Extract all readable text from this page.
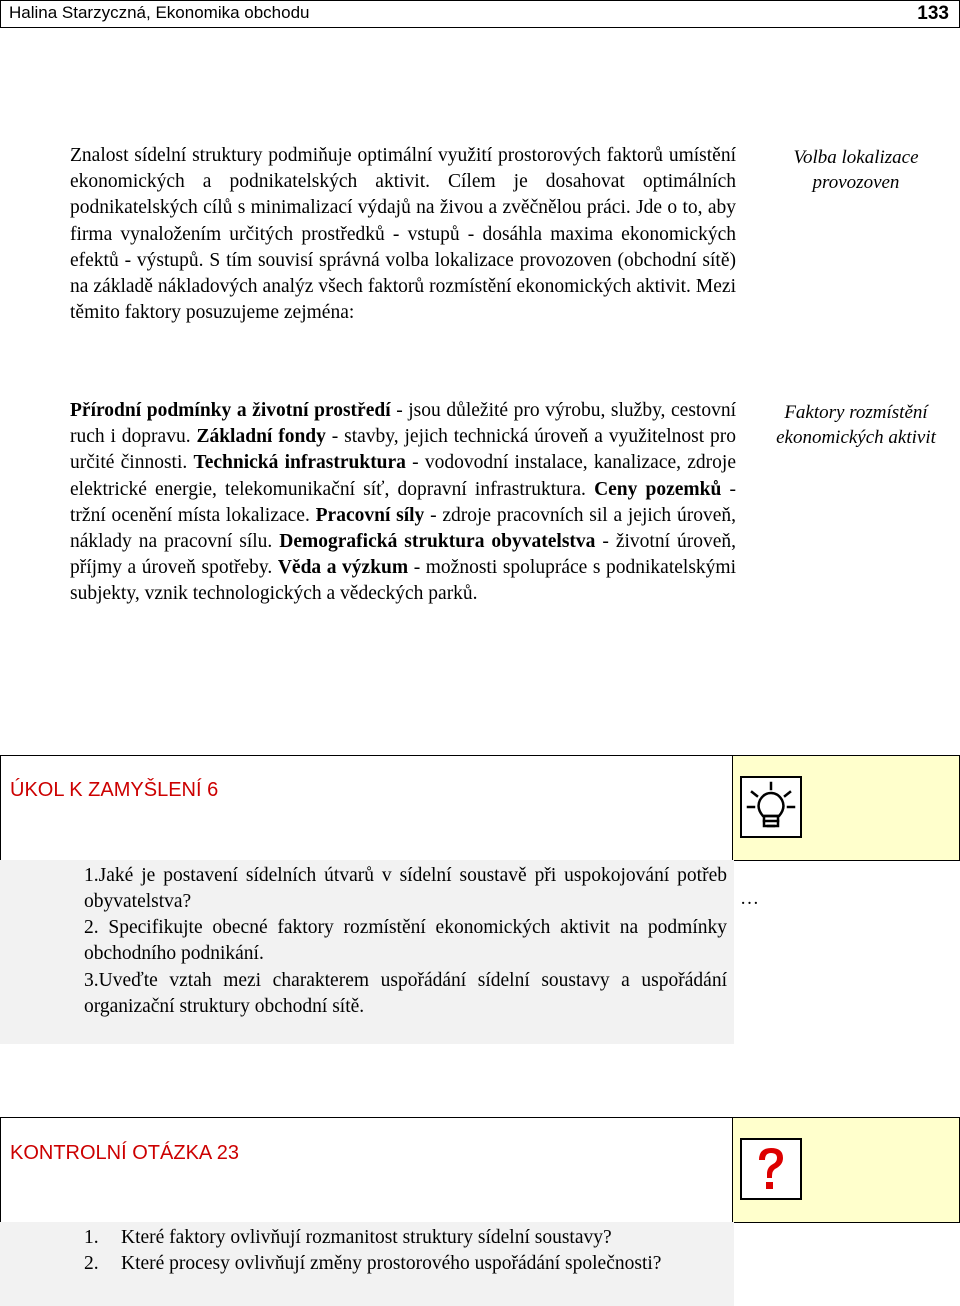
Halina Starzyczná, Ekonomika obchodu	133
Znalost sídelní struktury podmiňuje optimální využití prostorových faktorů umístění ekonomických a podnikatelských aktivit. Cílem je dosahovat optimálních podnikatelských cílů s minimalizací výdajů na živou a zvěčnělou práci. Jde o to, aby firma vynaložením určitých prostředků - vstupů - dosáhla maxima ekonomických efektů - výstupů. S tím souvisí správná volba lokalizace provozoven (obchodní sítě) na základě nákladových analýz všech faktorů rozmístění ekonomických aktivit. Mezi těmito faktory posuzujeme zejména:
Volba lokalizace provozoven
Přírodní podmínky a životní prostředí - jsou důležité pro výrobu, služby, cestovní ruch i dopravu. Základní fondy - stavby, jejich technická úroveň a využitelnost pro určité činnosti. Technická infrastruktura - vodovodní instalace, kanalizace, zdroje elektrické energie, telekomunikační síť, dopravní infrastruktura. Ceny pozemků - tržní ocenění místa lokalizace. Pracovní síly - zdroje pracovních sil a jejich úroveň, náklady na pracovní sílu. Demografická struktura obyvatelstva - životní úroveň, příjmy a úroveň spotřeby. Věda a výzkum - možnosti spolupráce s podnikatelskými subjekty, vznik technologických a vědeckých parků.
Faktory rozmístění ekonomických aktivit
ÚKOL K ZAMYŠLENÍ 6
1.Jaké je postavení sídelních útvarů v sídelní soustavě při uspokojování potřeb obyvatelstva?
2. Specifikujte obecné faktory rozmístění ekonomických aktivit na podmínky obchodního podnikání.
3.Uveďte vztah mezi charakterem uspořádání sídelní soustavy a uspořádání organizační struktury obchodní sítě.
…
KONTROLNÍ OTÁZKA 23
1.	Které faktory ovlivňují rozmanitost struktury sídelní soustavy?
2.	Které procesy ovlivňují změny prostorového uspořádání společnosti?
